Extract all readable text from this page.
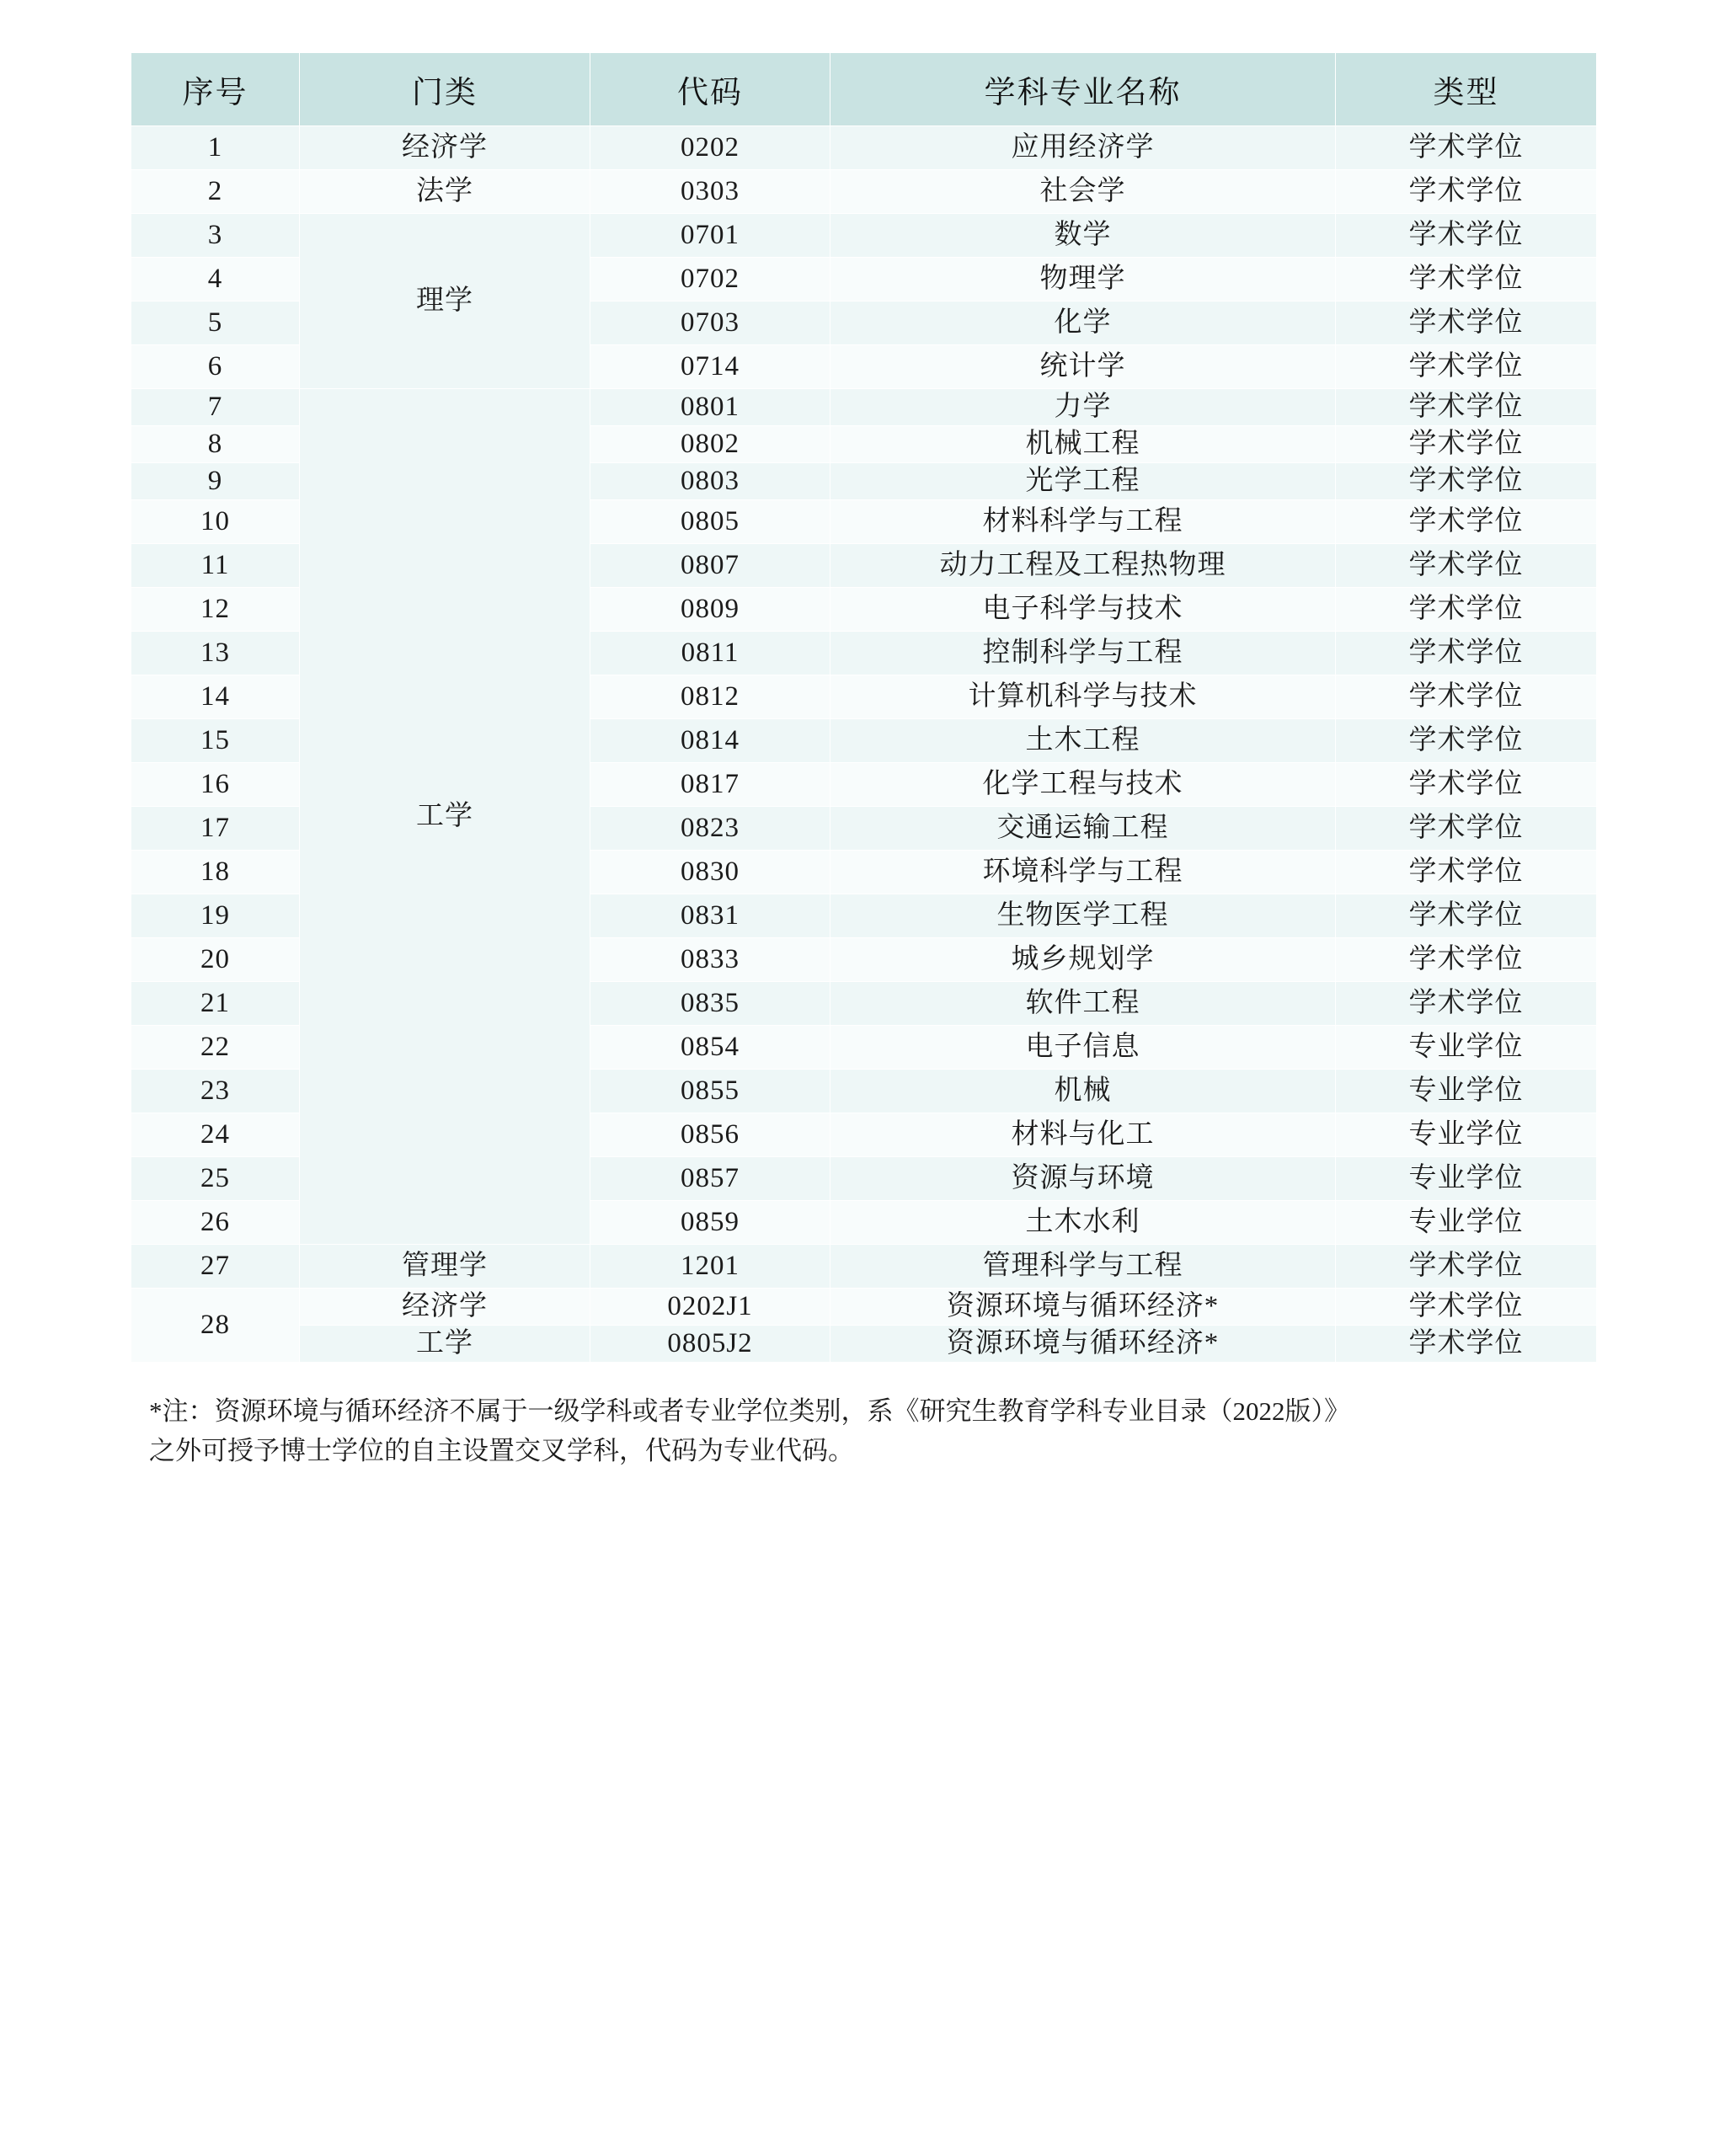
序号	门类	代码	学科专业名称	类型
1	经济学	0202	应用经济学	学术学位
2	法学	0303	社会学	学术学位
3	理学	0701	数学	学术学位
4		0702	物理学	学术学位
5		0703	化学	学术学位
6		0714	统计学	学术学位
7	工学	0801	力学	学术学位
8		0802	机械工程	学术学位
9		0803	光学工程	学术学位
10		0805	材料科学与工程	学术学位
11		0807	动力工程及工程热物理	学术学位
12		0809	电子科学与技术	学术学位
13		0811	控制科学与工程	学术学位
14		0812	计算机科学与技术	学术学位
15		0814	土木工程	学术学位
16		0817	化学工程与技术	学术学位
17		0823	交通运输工程	学术学位
18		0830	环境科学与工程	学术学位
19		0831	生物医学工程	学术学位
20		0833	城乡规划学	学术学位
21		0835	软件工程	学术学位
22		0854	电子信息	专业学位
23		0855	机械	专业学位
24		0856	材料与化工	专业学位
25		0857	资源与环境	专业学位
26		0859	土木水利	专业学位
27	管理学	1201	管理科学与工程	学术学位
28	经济学	0202J1	资源环境与循环经济*	学术学位
	工学	0805J2	资源环境与循环经济*	学术学位
*注：资源环境与循环经济不属于一级学科或者专业学位类别，系《研究生教育学科专业目录（2022版）》
之外可授予博士学位的自主设置交叉学科，代码为专业代码。
